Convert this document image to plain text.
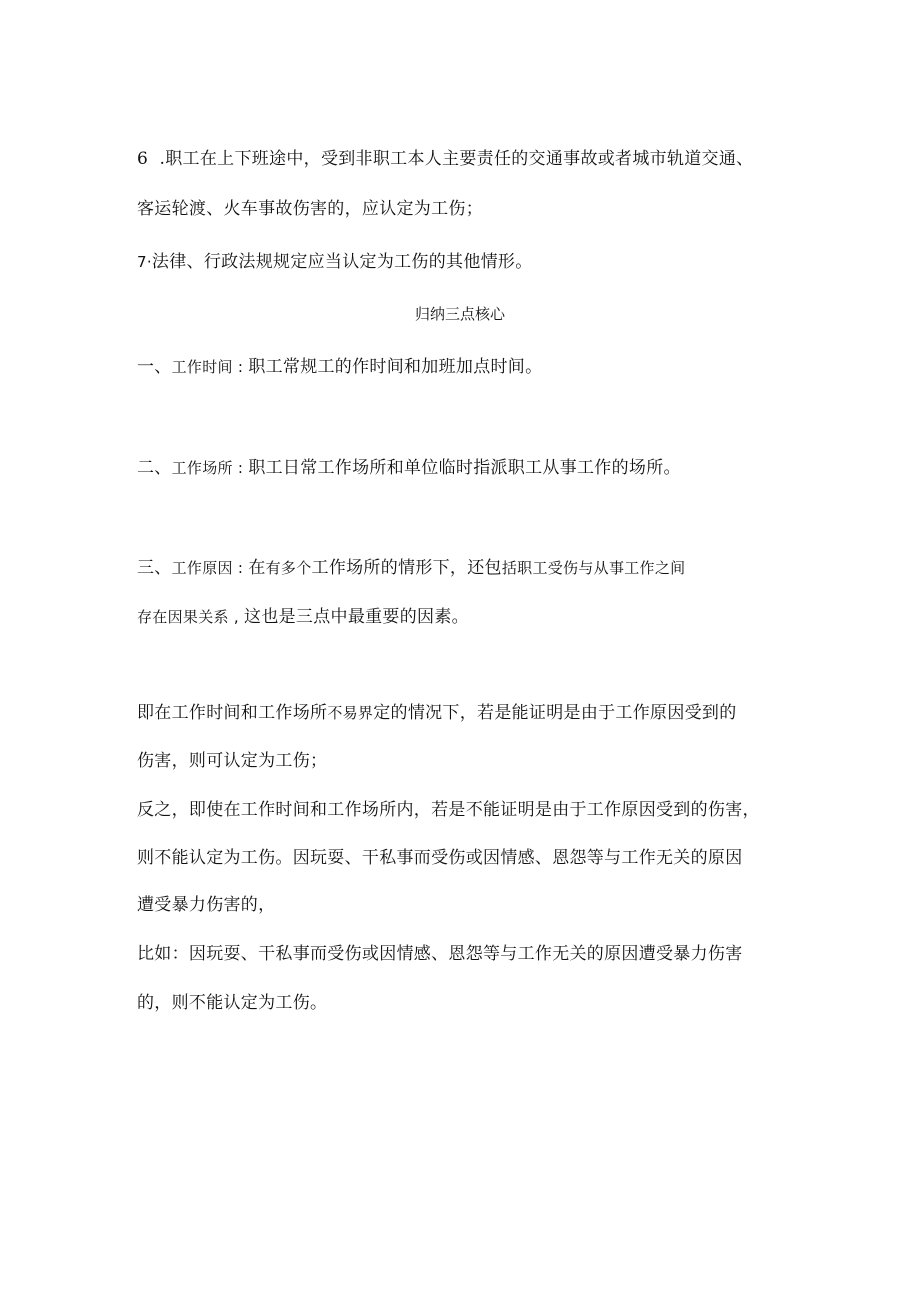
6 .职工在上下班途中，受到非职工本人主要责任的交通事故或者城市轨道交通、
客运轮渡、火车事故伤害的，应认定为工伤；
7·法律、行政法规规定应当认定为工伤的其他情形。
归纳三点核心
一、工作时间 : 职工常规工的作时间和加班加点时间。
二、工作场所 : 职工日常工作场所和单位临时指派职工从事工作的场所。
三、工作原因 : 在有多个工作场所的情形下，还包括职工受伤与从事工作之间
存在因果关系 , 这也是三点中最重要的因素。
即在工作时间和工作场所不易界定的情况下，若是能证明是由于工作原因受到的
伤害，则可认定为工伤；
反之，即使在工作时间和工作场所内，若是不能证明是由于工作原因受到的伤害，
则不能认定为工伤。因玩耍、干私事而受伤或因情感、恩怨等与工作无关的原因
遭受暴力伤害的，
比如：因玩耍、干私事而受伤或因情感、恩怨等与工作无关的原因遭受暴力伤害
的，则不能认定为工伤。
